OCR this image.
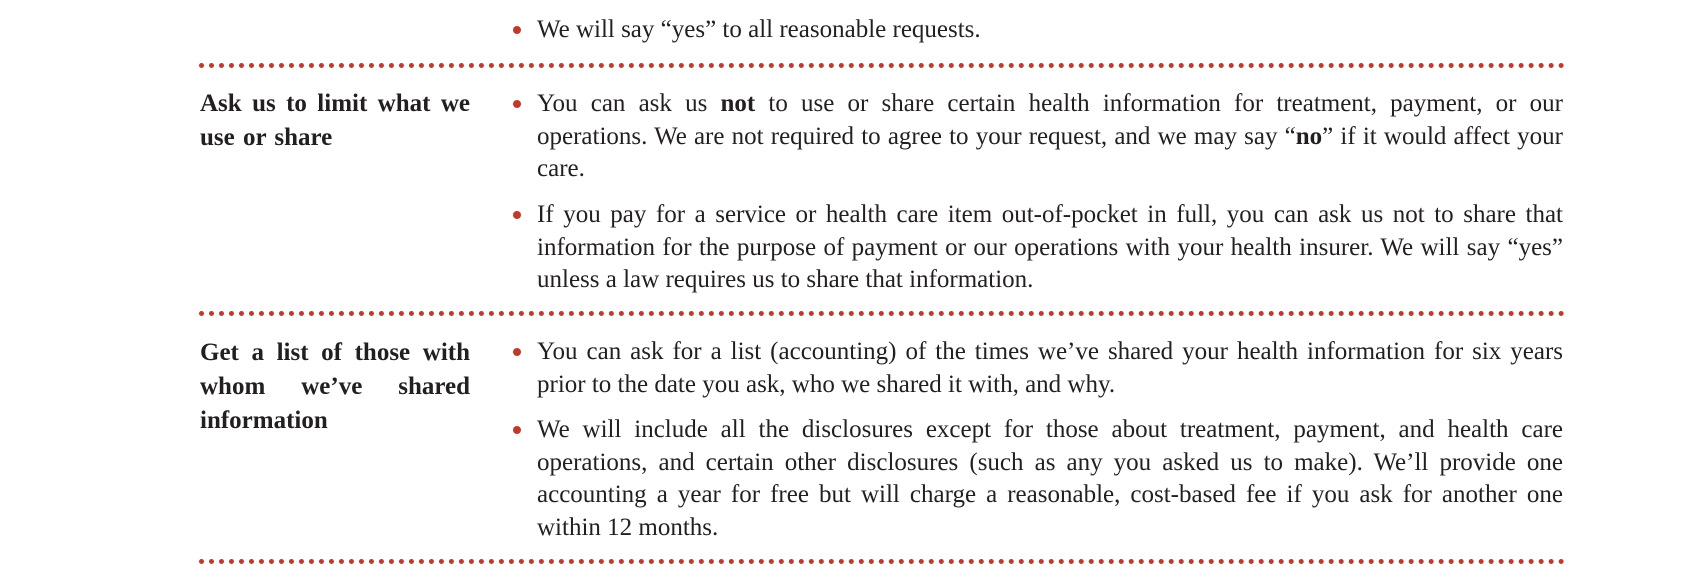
We will say “yes” to all reasonable requests.
Ask us to limit what we use or share
You can ask us not to use or share certain health information for treatment, payment, or our operations. We are not required to agree to your request, and we may say “no” if it would affect your care.
If you pay for a service or health care item out-of-pocket in full, you can ask us not to share that information for the purpose of payment or our operations with your health insurer. We will say “yes” unless a law requires us to share that information.
Get a list of those with whom we’ve shared information
You can ask for a list (accounting) of the times we’ve shared your health information for six years prior to the date you ask, who we shared it with, and why.
We will include all the disclosures except for those about treatment, payment, and health care operations, and certain other disclosures (such as any you asked us to make). We’ll provide one accounting a year for free but will charge a reasonable, cost-based fee if you ask for another one within 12 months.
